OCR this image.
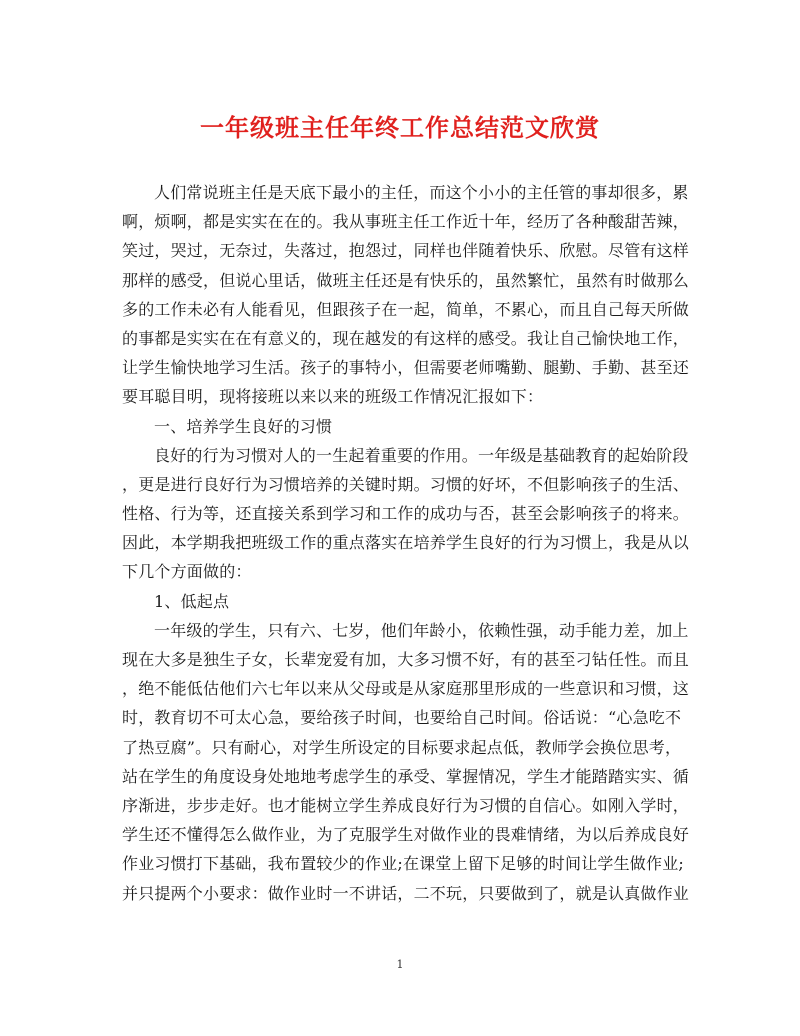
一年级班主任年终工作总结范文欣赏
人们常说班主任是天底下最小的主任，而这个小小的主任管的事却很多，累
啊，烦啊，都是实实在在的。我从事班主任工作近十年，经历了各种酸甜苦辣，
笑过，哭过，无奈过，失落过，抱怨过，同样也伴随着快乐、欣慰。尽管有这样
那样的感受，但说心里话，做班主任还是有快乐的，虽然繁忙，虽然有时做那么
多的工作未必有人能看见，但跟孩子在一起，简单，不累心，而且自己每天所做
的事都是实实在在有意义的，现在越发的有这样的感受。我让自己愉快地工作，
让学生愉快地学习生活。孩子的事特小，但需要老师嘴勤、腿勤、手勤、甚至还
要耳聪目明，现将接班以来以来的班级工作情况汇报如下：
一、培养学生良好的习惯
良好的行为习惯对人的一生起着重要的作用。一年级是基础教育的起始阶段
，更是进行良好行为习惯培养的关键时期。习惯的好坏，不但影响孩子的生活、
性格、行为等，还直接关系到学习和工作的成功与否，甚至会影响孩子的将来。
因此，本学期我把班级工作的重点落实在培养学生良好的行为习惯上，我是从以
下几个方面做的：
1、低起点
一年级的学生，只有六、七岁，他们年龄小，依赖性强，动手能力差，加上
现在大多是独生子女，长辈宠爱有加，大多习惯不好，有的甚至刁钻任性。而且
，绝不能低估他们六七年以来从父母或是从家庭那里形成的一些意识和习惯，这
时，教育切不可太心急，要给孩子时间，也要给自己时间。俗话说：“心急吃不
了热豆腐”。只有耐心，对学生所设定的目标要求起点低，教师学会换位思考，
站在学生的角度设身处地地考虑学生的承受、掌握情况，学生才能踏踏实实、循
序渐进，步步走好。也才能树立学生养成良好行为习惯的自信心。如刚入学时，
学生还不懂得怎么做作业，为了克服学生对做作业的畏难情绪，为以后养成良好
作业习惯打下基础，我布置较少的作业;在课堂上留下足够的时间让学生做作业;
并只提两个小要求：做作业时一不讲话，二不玩，只要做到了，就是认真做作业
1
